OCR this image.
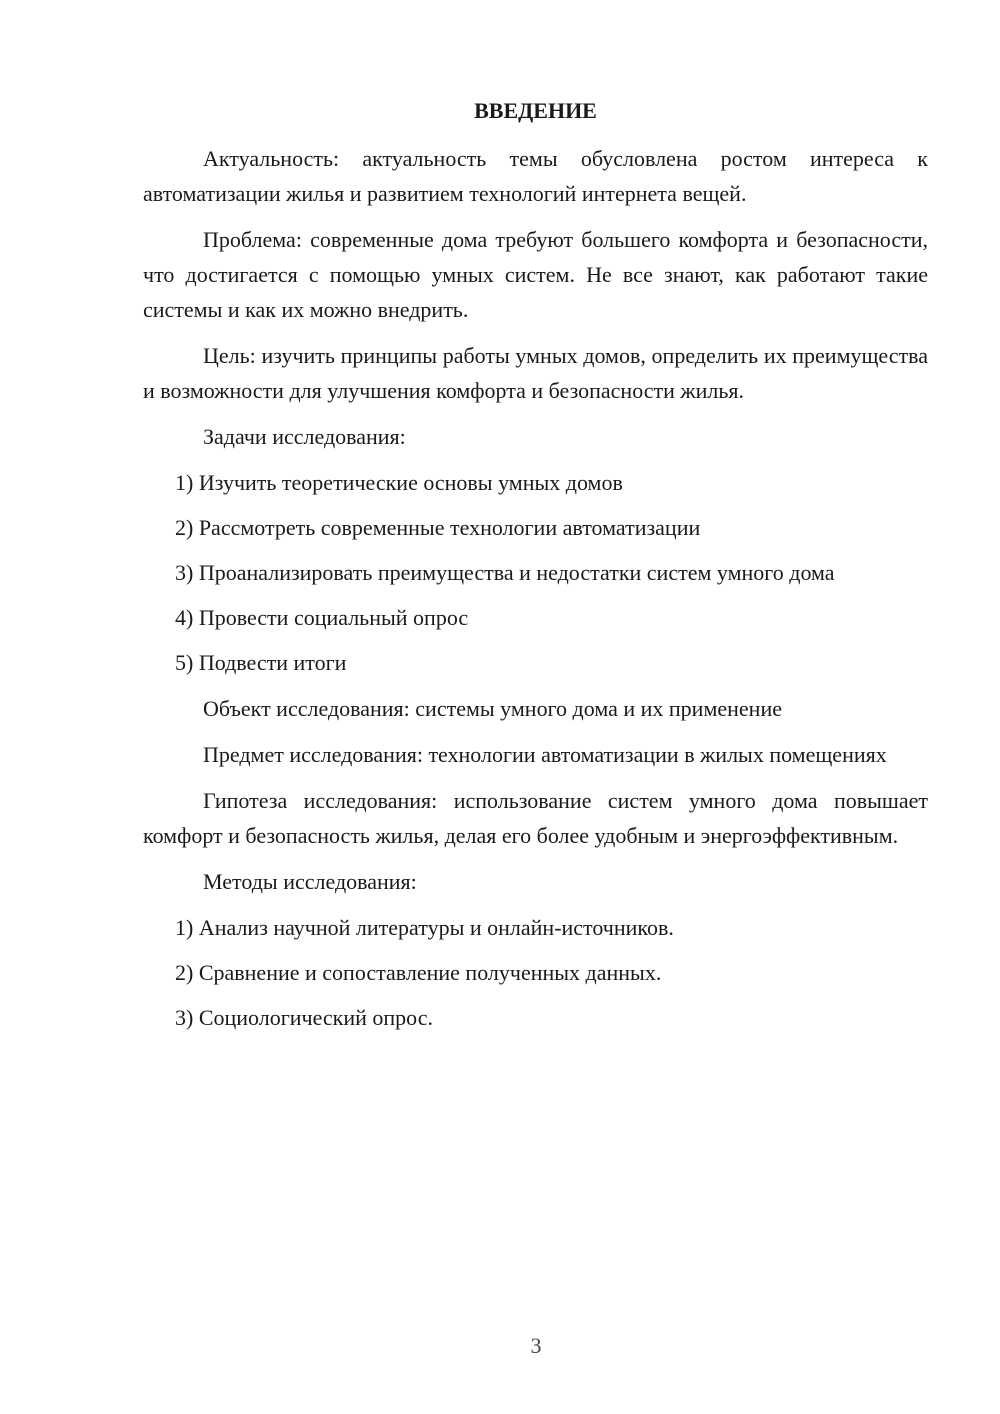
ВВЕДЕНИЕ

Актуальность: актуальность темы обусловлена ростом интереса к автоматизации жилья и развитием технологий интернета вещей.

Проблема: современные дома требуют большего комфорта и безопасности, что достигается с помощью умных систем. Не все знают, как работают такие системы и как их можно внедрить.

Цель: изучить принципы работы умных домов, определить их преимущества и возможности для улучшения комфорта и безопасности жилья.

Задачи исследования:

1) Изучить теоретические основы умных домов
2) Рассмотреть современные технологии автоматизации
3) Проанализировать преимущества и недостатки систем умного дома
4) Провести социальный опрос
5) Подвести итоги

Объект исследования: системы умного дома и их применение

Предмет исследования: технологии автоматизации в жилых помещениях

Гипотеза исследования: использование систем умного дома повышает комфорт и безопасность жилья, делая его более удобным и энергоэффективным.

Методы исследования:

1) Анализ научной литературы и онлайн-источников.
2) Сравнение и сопоставление полученных данных.
3) Социологический опрос.
3
